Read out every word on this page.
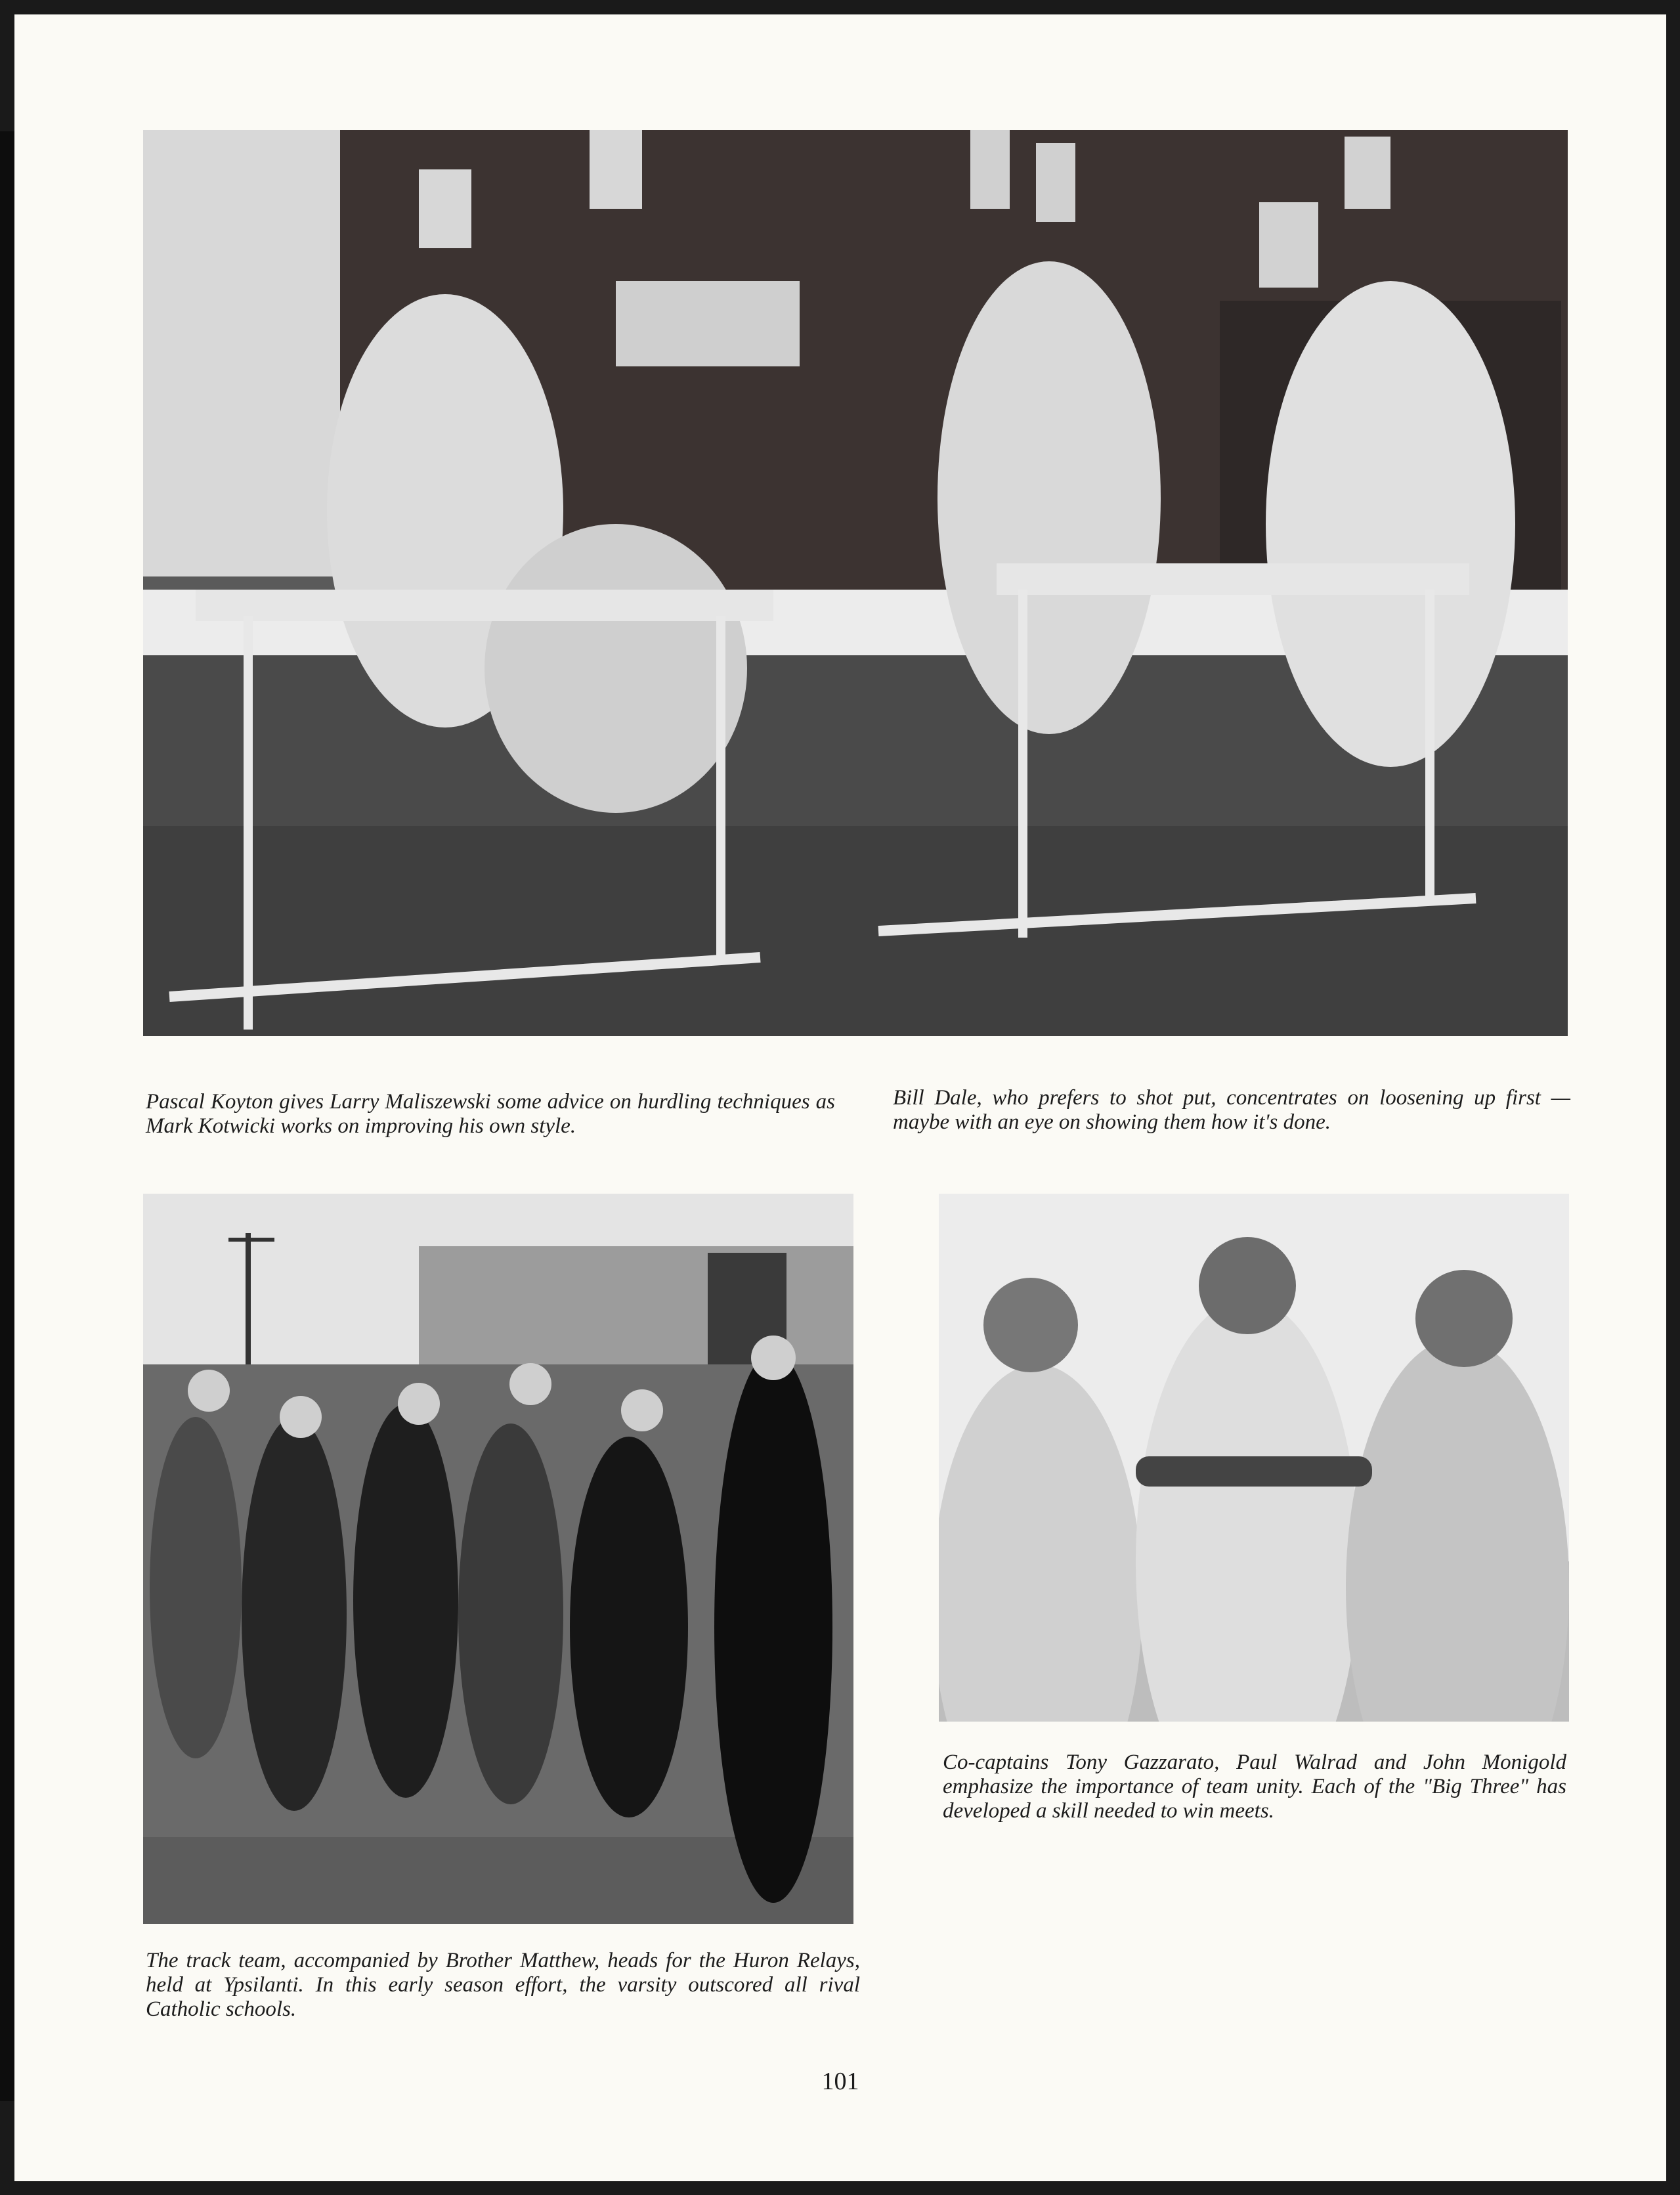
Pascal Koyton gives Larry Maliszewski some advice on hurdling techniques as Mark Kotwicki works on improving his own style.

Bill Dale, who prefers to shot put, concentrates on loosening up first — maybe with an eye on showing them how it's done.

The track team, accompanied by Brother Matthew, heads for the Huron Relays, held at Ypsilanti. In this early season effort, the varsity outscored all rival Catholic schools.

Co-captains Tony Gazzarato, Paul Walrad and John Monigold emphasize the importance of team unity. Each of the "Big Three" has developed a skill needed to win meets.

101
